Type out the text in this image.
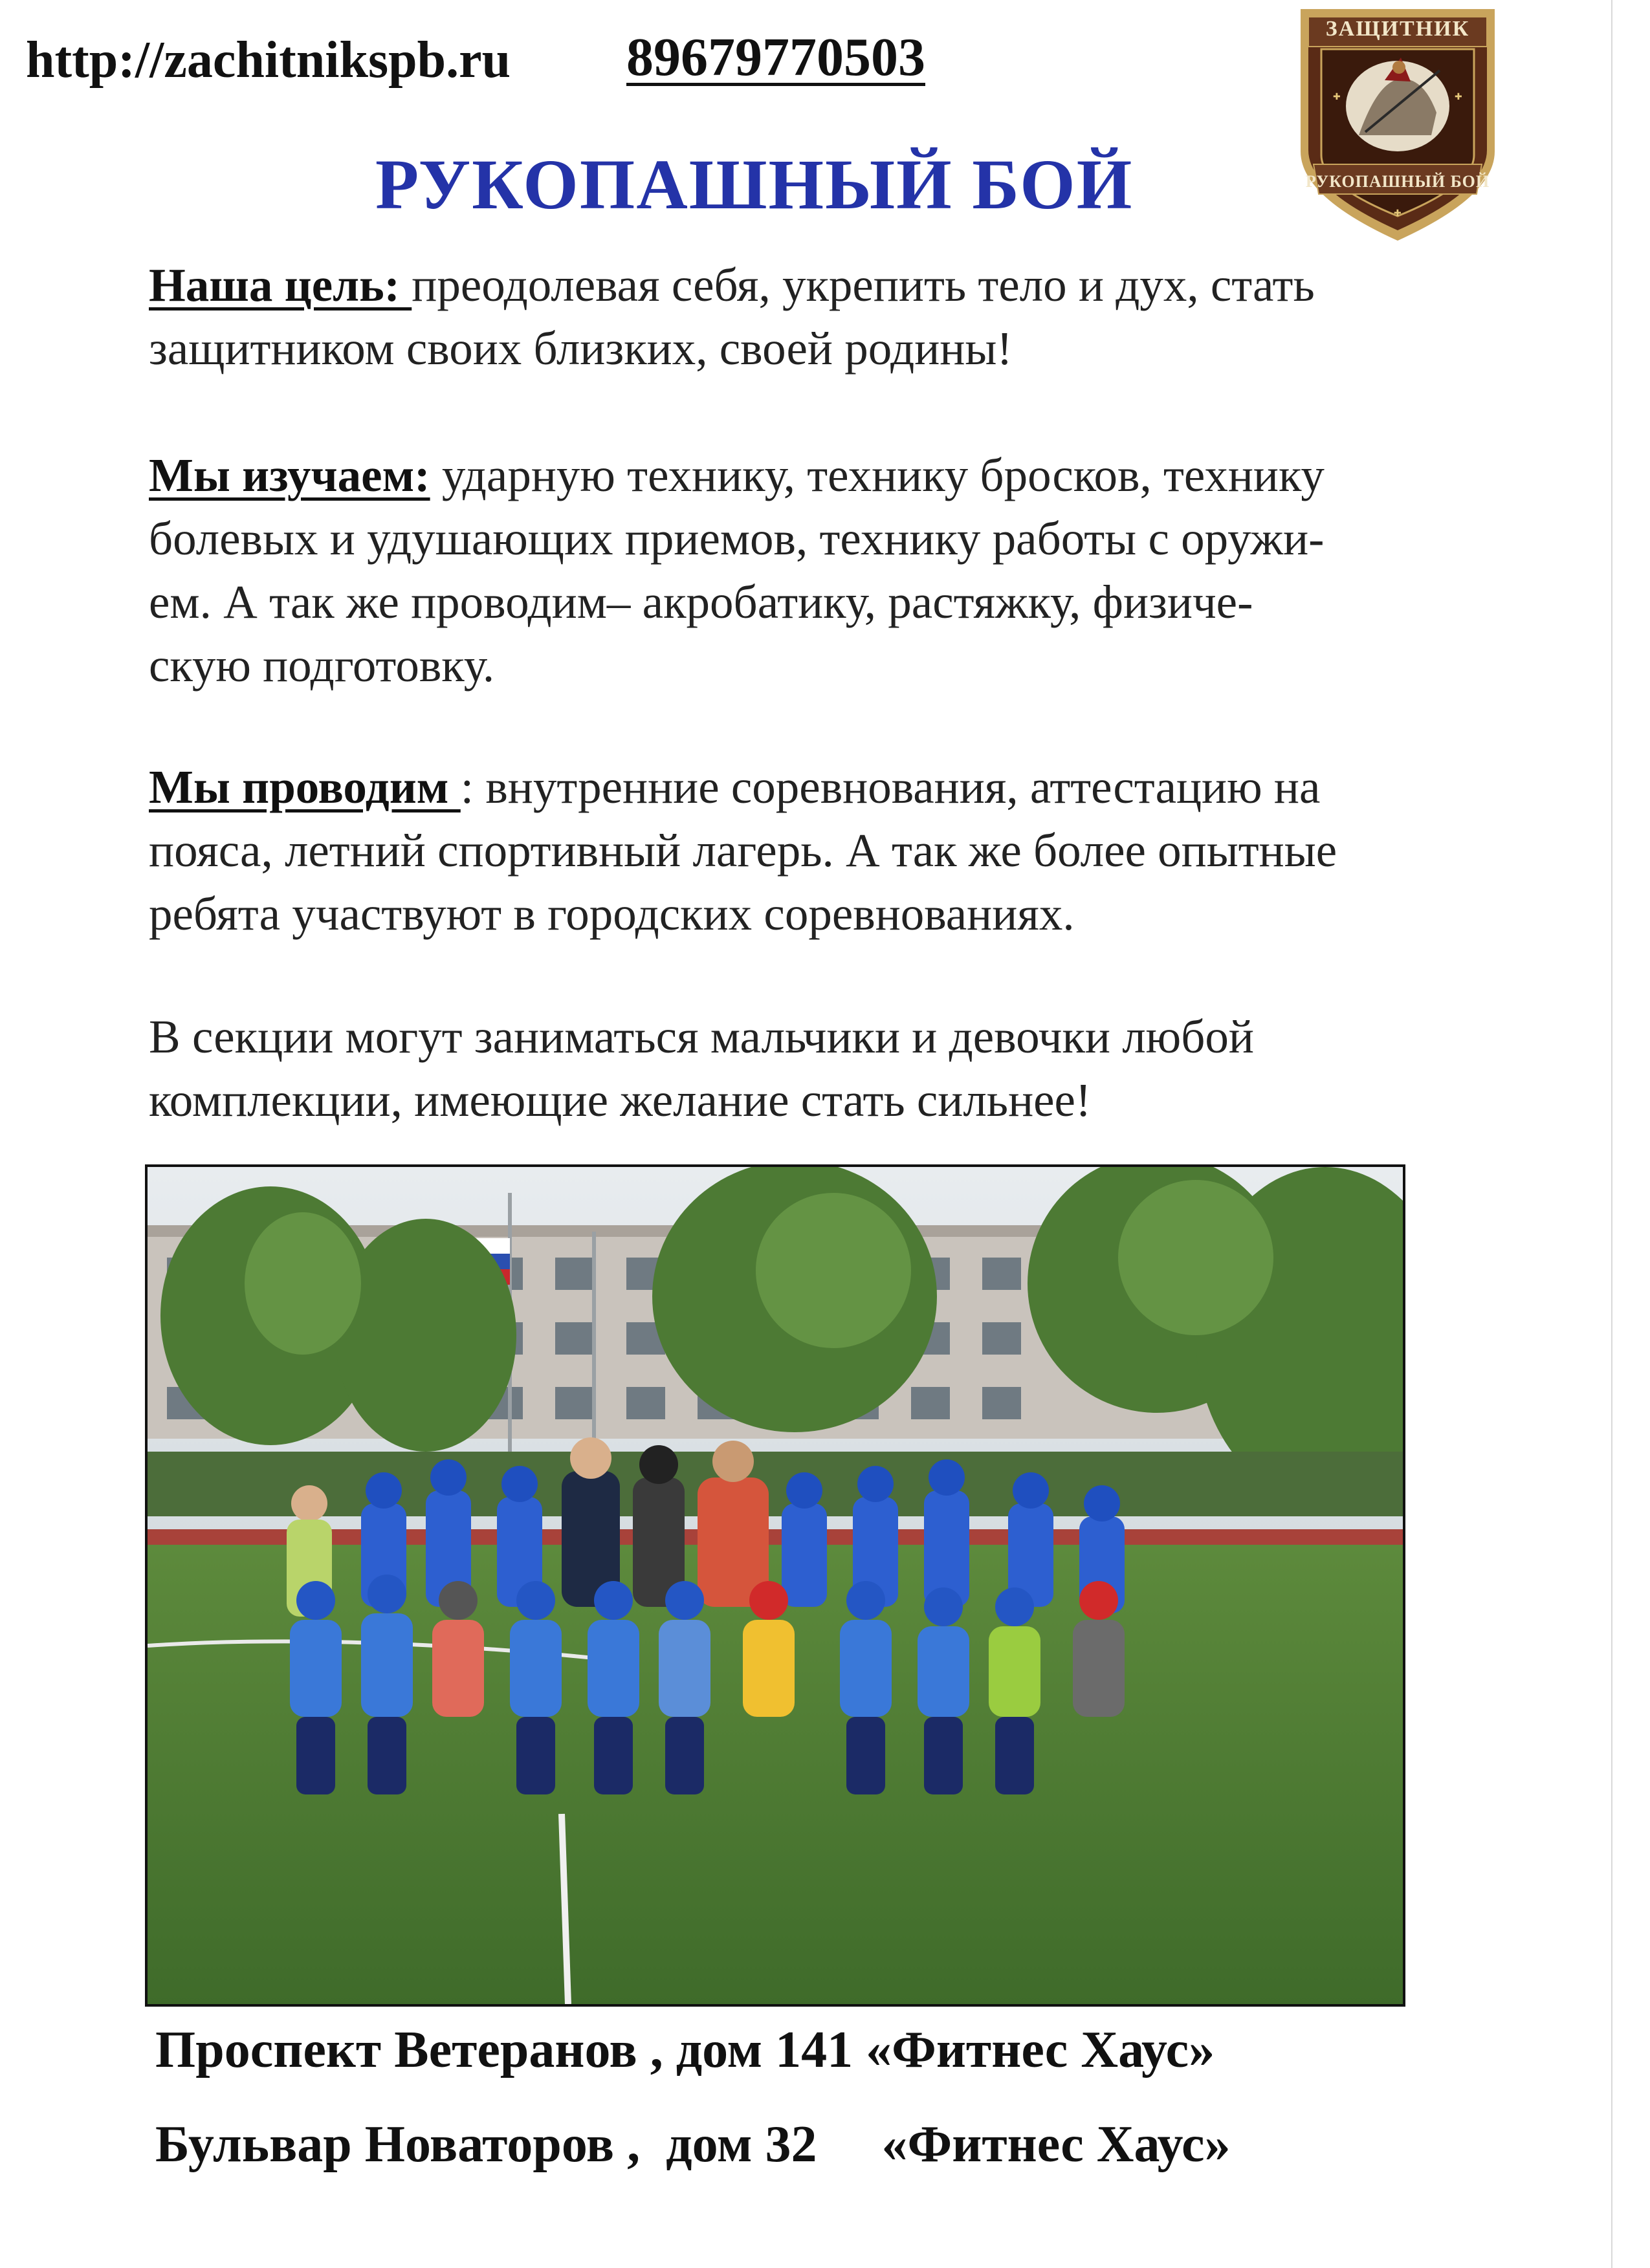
http://zachitnikspb.ru 89679770503
РУКОПАШНЫЙ БОЙ
✚	✚
✚
ЗАЩИТНИК
РУКОПАШНЫЙ БОЙ
Наша цель: преодолевая себя, укрепить тело и дух, стать
защитником своих близких, своей родины!
Мы изучаем: ударную технику, технику бросков, технику
болевых и удушающих приемов, технику работы с оружи-
ем. А так же проводим– акробатику, растяжку, физиче-
скую подготовку.
Мы проводим : внутренние соревнования, аттестацию на
пояса, летний спортивный лагерь. А так же более опытные
ребята участвуют в городских соревнованиях.
В секции могут заниматься мальчики и девочки любой
комплекции, имеющие желание стать сильнее!
Проспект Ветеранов , дом 141 «Фитнес Хаус»
Бульвар Новаторов ,  дом 32     «Фитнес Хаус»
